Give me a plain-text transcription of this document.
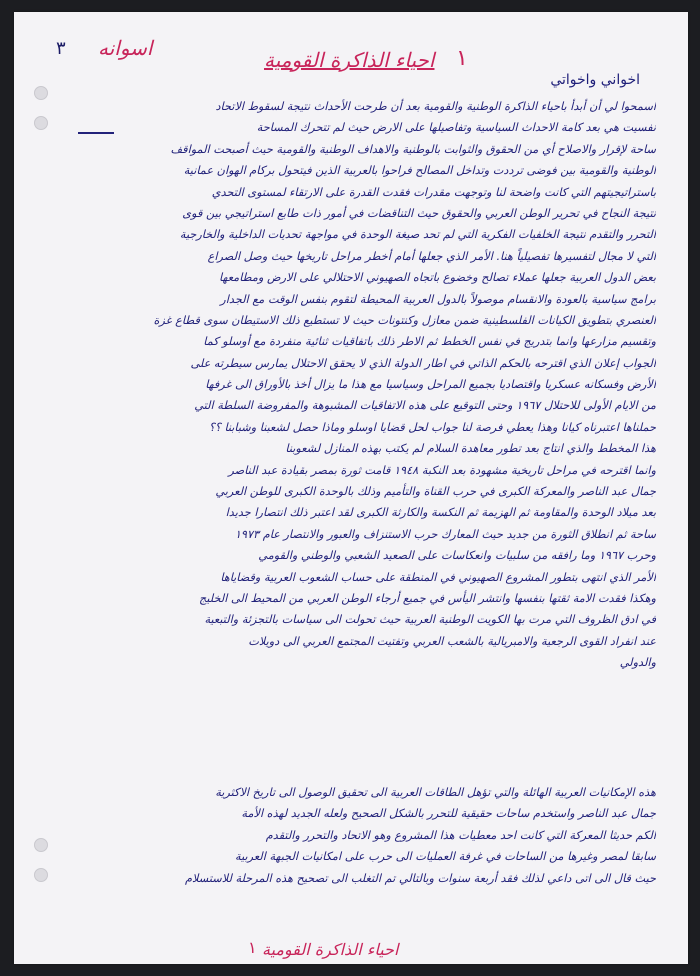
٣ اسوانه	احياء الذاكرة القومية ١
اخواني واخواتي
اسمحوا لي أن أبدأ باحياء الذاكرة الوطنية والقومية بعد أن طرحت الأحداث نتيجة لسقوط الاتحاد
نفسيت هي بعد كامة الاحداث السياسية وتفاصيلها على الارض حيث لم تتحرك المساحة
ساحة لإقرار والاصلاح أي من الحقوق والثوابت بالوطنية والاهداف الوطنية والقومية حيث أصبحت المواقف
الوطنية والقومية بين فوضى ترددت وتداخل المصالح فراحوا بالعربية الذين فيتحول بركام الهوان عمانية
باستراتيجيتهم التي كانت واضحة لنا وتوجهت مقدرات فقدت القدرة على الارتقاء لمستوى التحدي
نتيجة النجاح في تحرير الوطن العربي والحقوق حيث التناقضات في أمور ذات طابع استراتيجي بين قوى
التحرر والتقدم نتيجة الخلفيات الفكرية التي لم تحد صيغة الوحدة في مواجهة تحديات الداخلية والخارجية
التي لا مجال لتفسيرها تفصيلياً هنا. الأمر الذي جعلها أمام أخطر مراحل تاريخها حيث وصل الصراع
بعض الدول العربية جعلها عملاء تصالح وخضوع باتجاه الصهيوني الاحتلالي على الارض ومطامعها
برامج سياسية بالعودة والانقسام موصولاً بالدول العربية المحيطة لتقوم بنفس الوقت مع الجدار
العنصري بتطويق الكيانات الفلسطينية ضمن معازل وكنتونات حيث لا تستطيع ذلك الاستيطان سوى قطاع غزة
وتقسيم مزارعها وانما بتدريج في نفس الخطط ثم الاطر ذلك باتفاقيات ثنائية منفردة مع أوسلو كما
الجواب إعلان الذي اقترحه بالحكم الذاتي في اطار الدولة الذي لا يحقق الاحتلال يمارس سيطرته على
الأرض وفسكانه عسكريا واقتصاديا بجميع المراحل وسياسيا مع هذا ما يزال أخذ بالأوراق الى غرفها
من الايام الأولى للاحتلال ١٩٦٧ وحتى التوقيع على هذه الاتفاقيات المشبوهة والمفروضة السلطة التي
حملناها اعتبرناه كيانا وهذا يعطي فرصة لنا جواب لحل قضايا اوسلو وماذا حصل لشعبنا وشبابنا ؟؟
هذا المخطط والذي انتاج بعد تطور معاهدة السلام لم يكتب بهذه المنازل لشعوبنا
وانما اقترحه في مراحل تاريخية مشهودة بعد النكبة ١٩٤٨ قامت ثورة بمصر بقيادة عبد الناصر
جمال عبد الناصر والمعركة الكبرى في حرب القناة والتأميم وذلك بالوحدة الكبرى للوطن العربي
بعد ميلاد الوحدة والمقاومة ثم الهزيمة ثم النكسة والكارثة الكبرى لقد اعتبر ذلك انتصارا جديدا
ساحة ثم انطلاق الثورة من جديد حيث المعارك حرب الاستنزاف والعبور والانتصار عام ١٩٧٣
وحرب ١٩٦٧ وما رافقه من سلبيات وانعكاسات على الصعيد الشعبي والوطني والقومي
الأمر الذي انتهى بتطور المشروع الصهيوني في المنطقة على حساب الشعوب العربية وقضاياها
وهكذا فقدت الامة ثقتها بنفسها وانتشر اليأس في جميع أرجاء الوطن العربي من المحيط الى الخليج
في ادق الظروف التي مرت بها الكويت الوطنية العربية حيث تحولت الى سياسات بالتجزئة والتبعية
عند انفراد القوى الرجعية والامبريالية بالشعب العربي وتفتيت المجتمع العربي الى دويلات
والدولي
هذه الإمكانيات العربية الهائلة والتي تؤهل الطاقات العربية الى تحقيق الوصول الى تاريخ الاكثرية
جمال عبد الناصر واستخدم ساحات حقيقية للتحرر بالشكل الصحيح ولعله الجديد لهذه الأمة
الكم حديثا المعركة التي كانت احد معطيات هذا المشروع وهو الاتحاد والتحرر والتقدم
سابقا لمصر وغيرها من الساحات في غرفة العمليات الى حرب على امكانيات الجبهة العربية
حيث قال الى اتى داعي لذلك فقد أربعة سنوات وبالتالي تم التغلب الى تصحيح هذه المرحلة للاستسلام
١ احياء الذاكرة القومية
